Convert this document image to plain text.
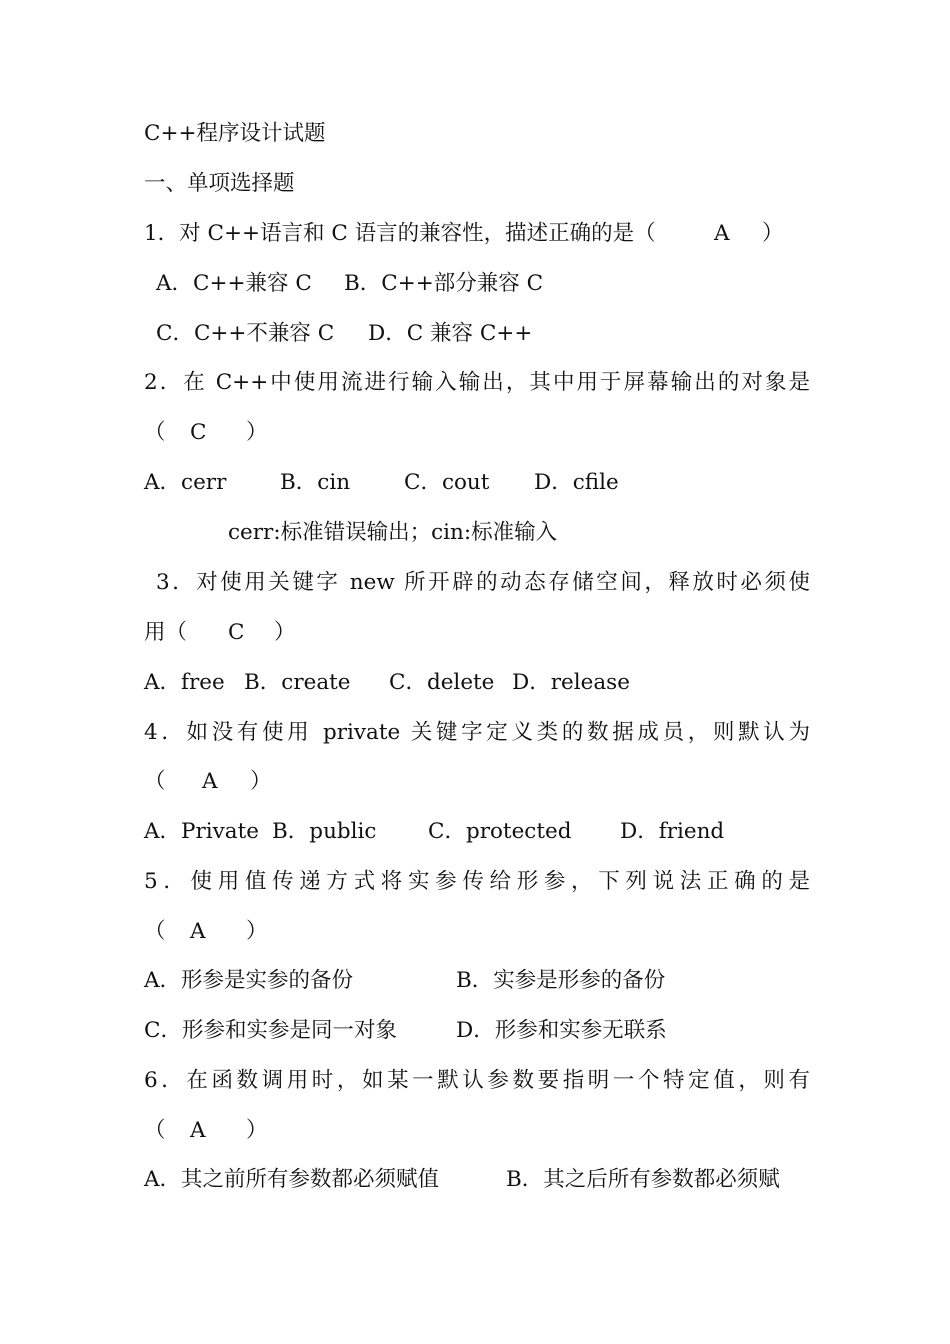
C++程序设计试题
一、单项选择题
1．对 C++语言和 C 语言的兼容性，描述正确的是（	A ）
A．C++兼容 C B．C++部分兼容 C
C．C++不兼容 C D．C 兼容 C++
2．在 C++中使用流进行输入输出，其中用于屏幕输出的对象是
（ C ）
A．cerr B．cin	C．cout D．cfile
cerr:标准错误输出；cin:标准输入
3．对使用关键字 new 所开辟的动态存储空间，释放时必须使
用（ C ）
A．free B．create C．delete D．release
4．如没有使用 private 关键字定义类的数据成员，则默认为
（ A ）
A．Private B．public C．protected D．friend
5．使用值传递方式将实参传给形参，下列说法正确的是
（ A ）
A．形参是实参的备份	B．实参是形参的备份
C．形参和实参是同一对象	D．形参和实参无联系
6．在函数调用时，如某一默认参数要指明一个特定值，则有
（ A ）
A．其之前所有参数都必须赋值	B．其之后所有参数都必须赋
